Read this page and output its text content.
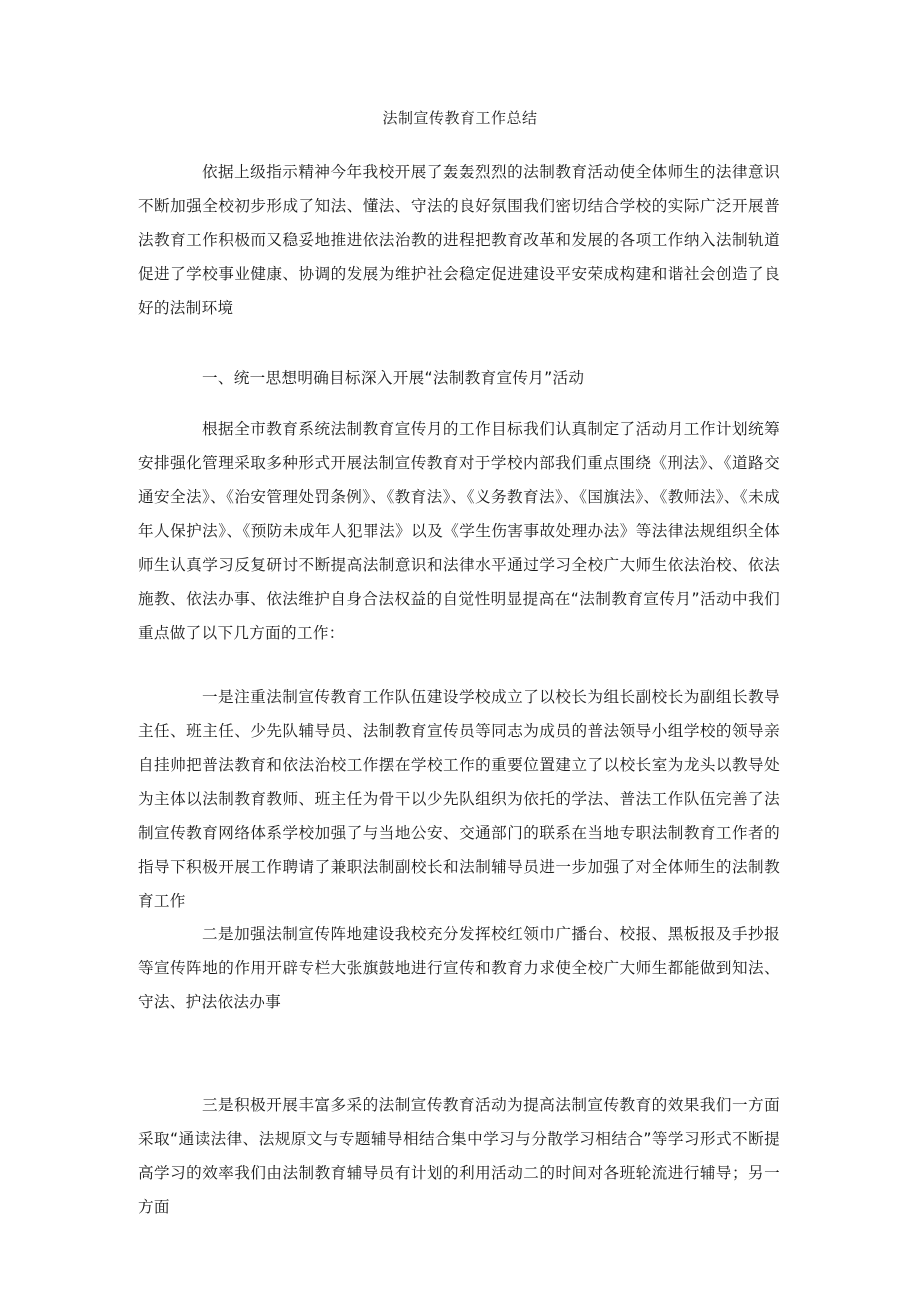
法制宣传教育工作总结

依据上级指示精神今年我校开展了轰轰烈烈的法制教育活动使全体师生的法律意识不断加强全校初步形成了知法、懂法、守法的良好氛围我们密切结合学校的实际广泛开展普法教育工作积极而又稳妥地推进依法治教的进程把教育改革和发展的各项工作纳入法制轨道促进了学校事业健康、协调的发展为维护社会稳定促进建设平安荣成构建和谐社会创造了良好的法制环境

一、统一思想明确目标深入开展“法制教育宣传月”活动

根据全市教育系统法制教育宣传月的工作目标我们认真制定了活动月工作计划统筹安排强化管理采取多种形式开展法制宣传教育对于学校内部我们重点围绕《刑法》、《道路交通安全法》、《治安管理处罚条例》、《教育法》、《义务教育法》、《国旗法》、《教师法》、《未成年人保护法》、《预防未成年人犯罪法》以及《学生伤害事故处理办法》等法律法规组织全体师生认真学习反复研讨不断提高法制意识和法律水平通过学习全校广大师生依法治校、依法施教、依法办事、依法维护自身合法权益的自觉性明显提高在“法制教育宣传月”活动中我们重点做了以下几方面的工作：

一是注重法制宣传教育工作队伍建设学校成立了以校长为组长副校长为副组长教导主任、班主任、少先队辅导员、法制教育宣传员等同志为成员的普法领导小组学校的领导亲自挂帅把普法教育和依法治校工作摆在学校工作的重要位置建立了以校长室为龙头以教导处为主体以法制教育教师、班主任为骨干以少先队组织为依托的学法、普法工作队伍完善了法制宣传教育网络体系学校加强了与当地公安、交通部门的联系在当地专职法制教育工作者的指导下积极开展工作聘请了兼职法制副校长和法制辅导员进一步加强了对全体师生的法制教育工作

二是加强法制宣传阵地建设我校充分发挥校红领巾广播台、校报、黑板报及手抄报等宣传阵地的作用开辟专栏大张旗鼓地进行宣传和教育力求使全校广大师生都能做到知法、守法、护法依法办事

三是积极开展丰富多采的法制宣传教育活动为提高法制宣传教育的效果我们一方面采取“通读法律、法规原文与专题辅导相结合集中学习与分散学习相结合”等学习形式不断提高学习的效率我们由法制教育辅导员有计划的利用活动二的时间对各班轮流进行辅导；另一方面
